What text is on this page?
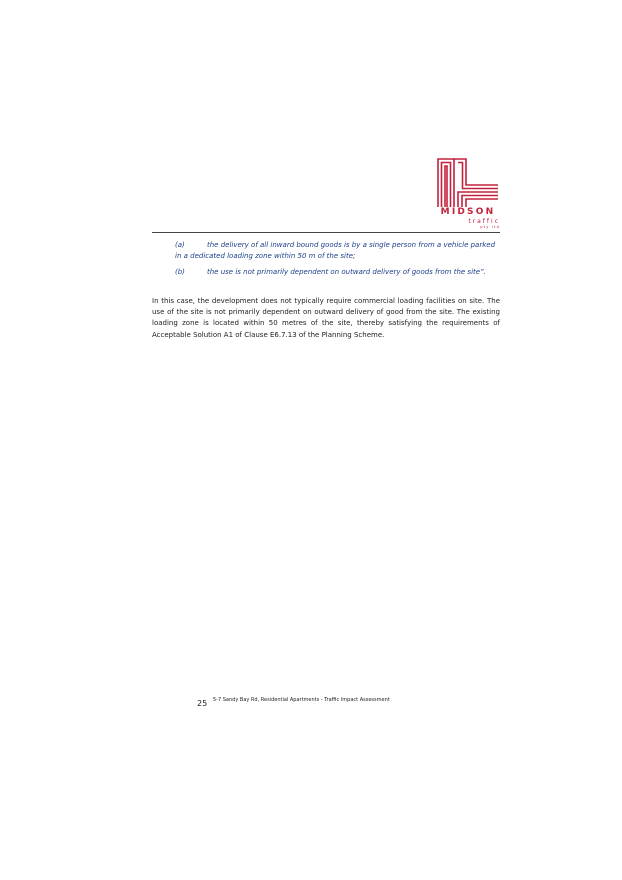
MIDSON
traffic
pty ltd
(a)	the delivery of all inward bound goods is by a single person from a vehicle parked in a dedicated loading zone within 50 m of the site;
(b)	the use is not primarily dependent on outward delivery of goods from the site”.
In this case, the development does not typically require commercial loading facilities on site. The use of the site is not primarily dependent on outward delivery of good from the site. The existing loading zone is located within 50 metres of the site, thereby satisfying the requirements of Acceptable Solution A1 of Clause E6.7.13 of the Planning Scheme.
25 5-7 Sandy Bay Rd, Residential Apartments - Traffic Impact Assessment
